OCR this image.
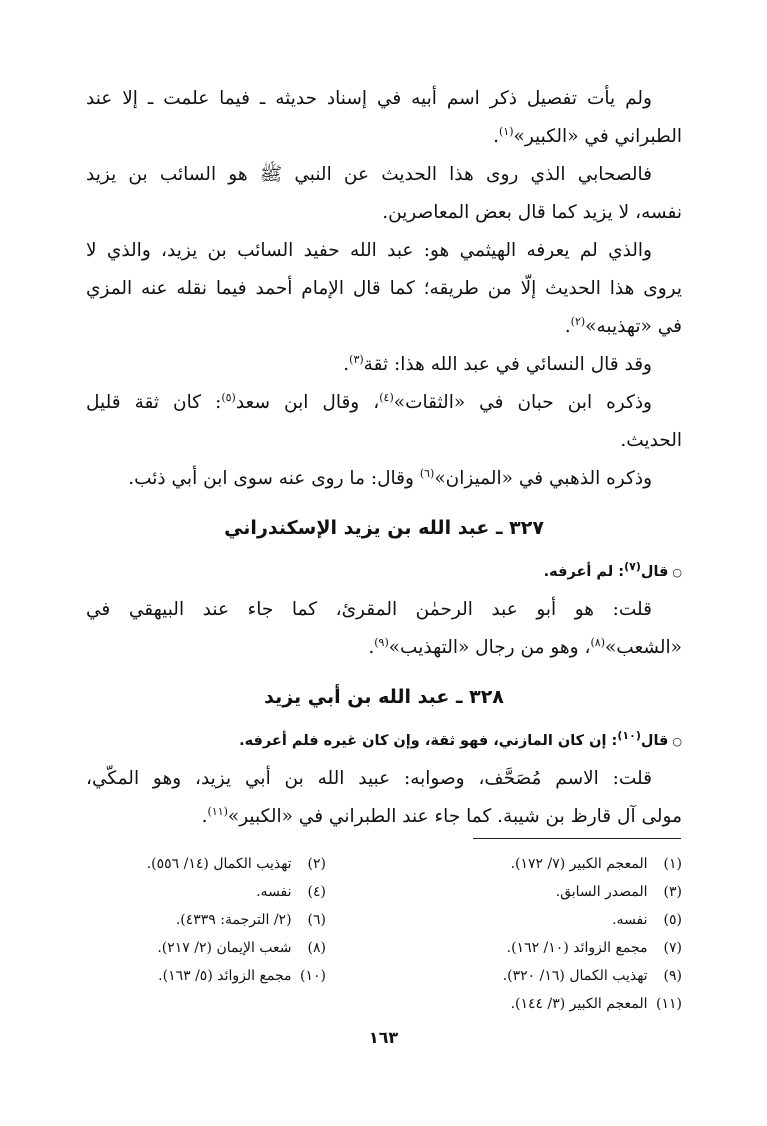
ولم يأت تفصيل ذكر اسم أبيه في إسناد حديثه ـ فيما علمت ـ إلا عند
الطبراني في «الكبير»$^{(١)}$.

فالصحابي الذي روى هذا الحديث عن النبي ﷺ هو السائب بن يزيد
نفسه، لا يزيد كما قال بعض المعاصرين.

والذي لم يعرفه الهيثمي هو: عبد الله حفيد السائب بن يزيد، والذي لا
يروى هذا الحديث إلّا من طريقه؛ كما قال الإمام أحمد فيما نقله عنه المزي
في «تهذيبه»$^{(٢)}$.

وقد قال النسائي في عبد الله هذا: ثقة$^{(٣)}$.

وذكره ابن حبان في «الثقات»$^{(٤)}$، وقال ابن سعد$^{(٥)}$: كان ثقة قليل
الحديث.

وذكره الذهبي في «الميزان»$^{(٦)}$ وقال: ما روى عنه سوى ابن أبي ذئب.

٣٢٧ ـ عبد الله بن يزيد الإسكندراني
○قال$^{(٧)}$: لم أعرفه.

قلت: هو أبو عبد الرحمٰن المقرئ، كما جاء عند البيهقي في
«الشعب»$^{(٨)}$، وهو من رجال «التهذيب»$^{(٩)}$.

٣٢٨ ـ عبد الله بن أبي يزيد
○قال$^{(١٠)}$: إن كان المازني، فهو ثقة، وإن كان غيره فلم أعرفه.

قلت: الاسم مُصَحَّف، وصوابه: عبيد الله بن أبي يزيد، وهو المكّي،
مولى آل قارظ بن شيبة. كما جاء عند الطبراني في «الكبير»$^{(١١)}$.

(١) المعجم الكبير (٧/ ١٧٢).
(٣) المصدر السابق.
(٥) نفسه.
(٧) مجمع الزوائد (١٠/ ١٦٢).
(٩) تهذيب الكمال (١٦/ ٣٢٠).
(١١) المعجم الكبير (٣/ ١٤٤).
(٢) تهذيب الكمال (١٤/ ٥٥٦).
(٤) نفسه.
(٦) (٢/ الترجمة: ٤٣٣٩).
(٨) شعب الإيمان (٢/ ٢١٧).
(١٠) مجمع الزوائد (٥/ ١٦٣).
١٦٣
